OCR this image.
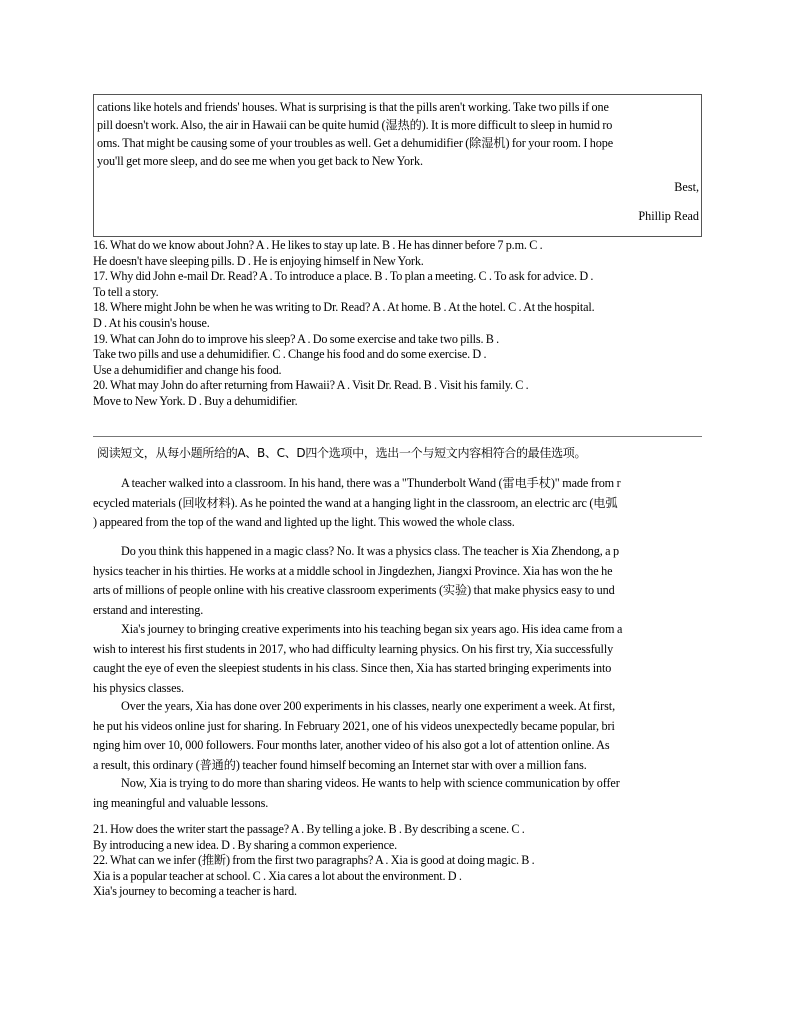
cations like hotels and friends' houses. What is surprising is that the pills aren't working. Take two pills if one
pill doesn't work. Also, the air in Hawaii can be quite humid (湿热的). It is more difficult to sleep in humid ro
oms. That might be causing some of your troubles as well. Get a dehumidifier (除湿机) for your room. I hope
you'll get more sleep, and do see me when you get back to New York.
Best,
Phillip Read
16. What do we know about John? A . He likes to stay up late. B . He has dinner before 7 p.m. C .
He doesn't have sleeping pills. D . He is enjoying himself in New York.
17. Why did John e-mail Dr. Read? A . To introduce a place. B . To plan a meeting. C . To ask for advice. D .
To tell a story.
18. Where might John be when he was writing to Dr. Read? A . At home. B . At the hotel. C . At the hospital.
D . At his cousin's house.
19. What can John do to improve his sleep? A . Do some exercise and take two pills. B .
Take two pills and use a dehumidifier. C . Change his food and do some exercise. D .
Use a dehumidifier and change his food.
20. What may John do after returning from Hawaii? A . Visit Dr. Read. B . Visit his family. C .
Move to New York. D . Buy a dehumidifier.
阅读短文，从每小题所给的A、B、C、D四个选项中，选出一个与短文内容相符合的最佳选项。
A teacher walked into a classroom. In his hand, there was a "Thunderbolt Wand (雷电手杖)" made from r
ecycled materials (回收材料). As he pointed the wand at a hanging light in the classroom, an electric arc (电弧
) appeared from the top of the wand and lighted up the light. This wowed the whole class.
Do you think this happened in a magic class? No. It was a physics class. The teacher is Xia Zhendong, a p
hysics teacher in his thirties. He works at a middle school in Jingdezhen, Jiangxi Province. Xia has won the he
arts of millions of people online with his creative classroom experiments (实验) that make physics easy to und
erstand and interesting.
Xia's journey to bringing creative experiments into his teaching began six years ago. His idea came from a
wish to interest his first students in 2017, who had difficulty learning physics. On his first try, Xia successfully
caught the eye of even the sleepiest students in his class. Since then, Xia has started bringing experiments into
his physics classes.
Over the years, Xia has done over 200 experiments in his classes, nearly one experiment a week. At first,
he put his videos online just for sharing. In February 2021, one of his videos unexpectedly became popular, bri
nging him over 10, 000 followers. Four months later, another video of his also got a lot of attention online. As
a result, this ordinary (普通的) teacher found himself becoming an Internet star with over a million fans.
Now, Xia is trying to do more than sharing videos. He wants to help with science communication by offer
ing meaningful and valuable lessons.
21. How does the writer start the passage? A . By telling a joke. B . By describing a scene. C .
By introducing a new idea. D . By sharing a common experience.
22. What can we infer (推断) from the first two paragraphs? A . Xia is good at doing magic. B .
Xia is a popular teacher at school. C . Xia cares a lot about the environment. D .
Xia's journey to becoming a teacher is hard.
